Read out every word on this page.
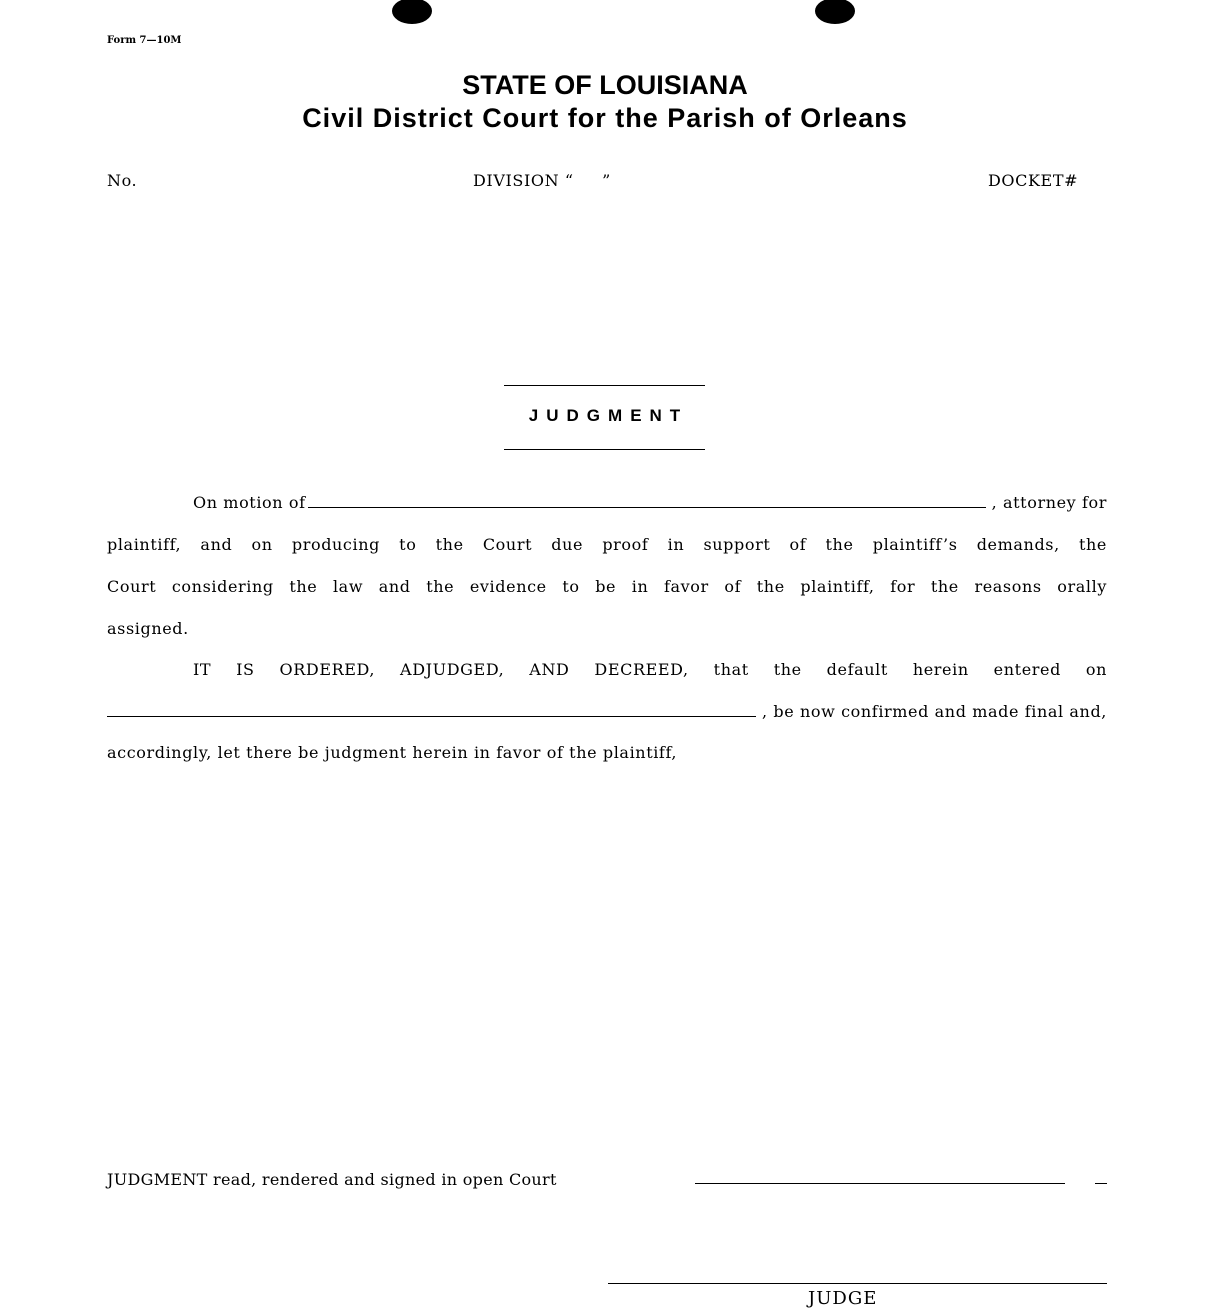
Form 7—10M
STATE OF LOUISIANA
Civil District Court for the Parish of Orleans
No.	DIVISION “     ”	DOCKET#
JUDGMENT
On motion of	, attorney for
plaintiff, and on producing to the Court due proof in support of the plaintiff’s demands, the
Court considering the law and the evidence to be in favor of the plaintiff, for the reasons orally
assigned.
IT IS ORDERED, ADJUDGED, AND DECREED, that the default herein entered on
, be now confirmed and made final and,
accordingly, let there be judgment herein in favor of the plaintiff,
JUDGMENT read, rendered and signed in open Court
JUDGE
